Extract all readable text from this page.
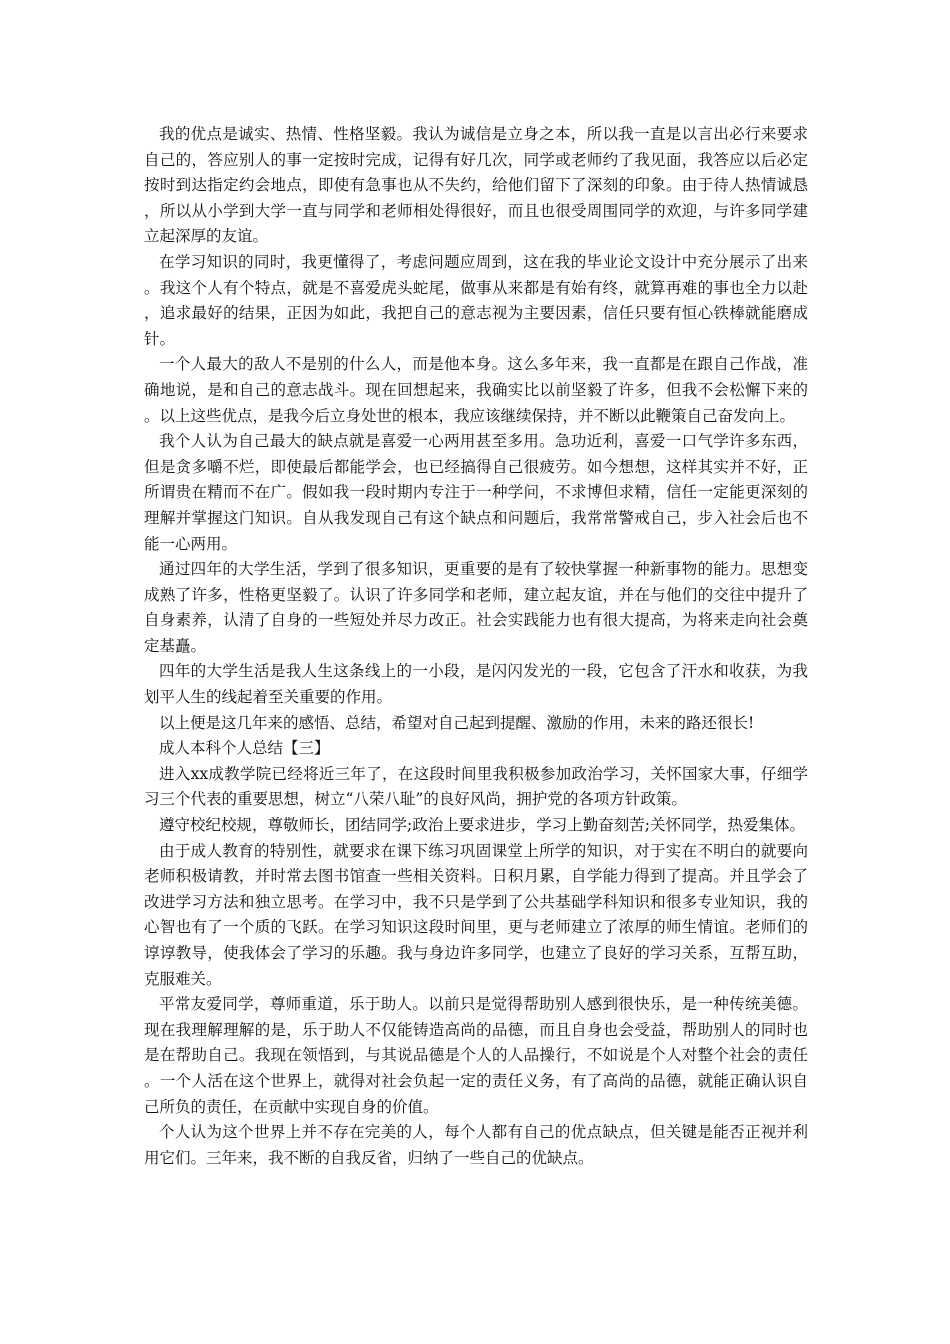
我的优点是诚实、热情、性格坚毅。我认为诚信是立身之本，所以我一直是以言出必行来要求自己的，答应别人的事一定按时完成，记得有好几次，同学或老师约了我见面，我答应以后必定按时到达指定约会地点，即使有急事也从不失约，给他们留下了深刻的印象。由于待人热情诚恳，所以从小学到大学一直与同学和老师相处得很好，而且也很受周围同学的欢迎，与许多同学建立起深厚的友谊。

在学习知识的同时，我更懂得了，考虑问题应周到，这在我的毕业论文设计中充分展示了出来。我这个人有个特点，就是不喜爱虎头蛇尾，做事从来都是有始有终，就算再难的事也全力以赴，追求最好的结果，正因为如此，我把自己的意志视为主要因素，信任只要有恒心铁棒就能磨成针。

一个人最大的敌人不是别的什么人，而是他本身。这么多年来，我一直都是在跟自己作战，准确地说，是和自己的意志战斗。现在回想起来，我确实比以前坚毅了许多，但我不会松懈下来的。以上这些优点，是我今后立身处世的根本，我应该继续保持，并不断以此鞭策自己奋发向上。

我个人认为自己最大的缺点就是喜爱一心两用甚至多用。急功近利，喜爱一口气学许多东西，但是贪多嚼不烂，即使最后都能学会，也已经搞得自己很疲劳。如今想想，这样其实并不好，正所谓贵在精而不在广。假如我一段时期内专注于一种学问，不求博但求精，信任一定能更深刻的理解并掌握这门知识。自从我发现自己有这个缺点和问题后，我常常警戒自己，步入社会后也不能一心两用。

通过四年的大学生活，学到了很多知识，更重要的是有了较快掌握一种新事物的能力。思想变成熟了许多，性格更坚毅了。认识了许多同学和老师，建立起友谊，并在与他们的交往中提升了自身素养，认清了自身的一些短处并尽力改正。社会实践能力也有很大提高，为将来走向社会奠定基矗。

四年的大学生活是我人生这条线上的一小段，是闪闪发光的一段，它包含了汗水和收获，为我划平人生的线起着至关重要的作用。

以上便是这几年来的感悟、总结，希望对自己起到提醒、激励的作用，未来的路还很长!

成人本科个人总结【三】

进入xx成教学院已经将近三年了，在这段时间里我积极参加政治学习，关怀国家大事，仔细学习三个代表的重要思想，树立“八荣八耻”的良好风尚，拥护党的各项方针政策。

遵守校纪校规，尊敬师长，团结同学;政治上要求进步，学习上勤奋刻苦;关怀同学，热爱集体。

由于成人教育的特别性，就要求在课下练习巩固课堂上所学的知识，对于实在不明白的就要向老师积极请教，并时常去图书馆查一些相关资料。日积月累，自学能力得到了提高。并且学会了改进学习方法和独立思考。在学习中，我不只是学到了公共基础学科知识和很多专业知识，我的心智也有了一个质的飞跃。在学习知识这段时间里，更与老师建立了浓厚的师生情谊。老师们的谆谆教导，使我体会了学习的乐趣。我与身边许多同学，也建立了良好的学习关系，互帮互助，克服难关。

平常友爱同学，尊师重道，乐于助人。以前只是觉得帮助别人感到很快乐，是一种传统美德。现在我理解理解的是，乐于助人不仅能铸造高尚的品德，而且自身也会受益，帮助别人的同时也是在帮助自己。我现在领悟到，与其说品德是个人的人品操行，不如说是个人对整个社会的责任。一个人活在这个世界上，就得对社会负起一定的责任义务，有了高尚的品德，就能正确认识自己所负的责任，在贡献中实现自身的价值。

个人认为这个世界上并不存在完美的人，每个人都有自己的优点缺点，但关键是能否正视并利用它们。三年来，我不断的自我反省，归纳了一些自己的优缺点。
